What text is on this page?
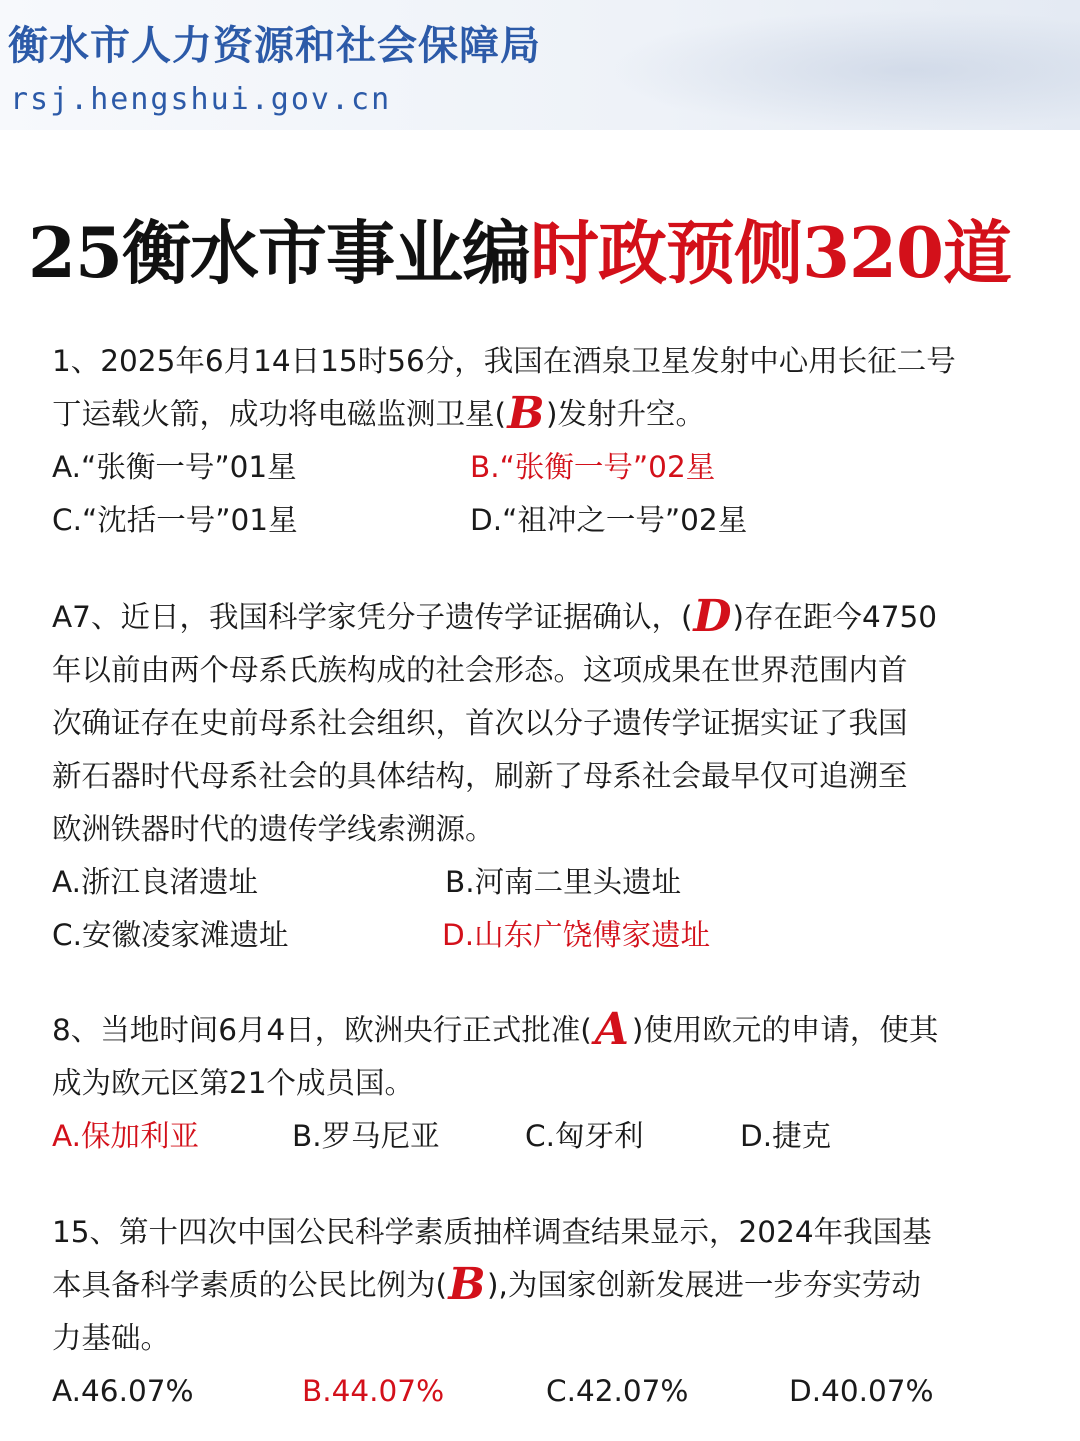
衡水市人力资源和社会保障局
rsj.hengshui.gov.cn
25衡水市事业编时政预侧320道
1、2025年6月14日15时56分，我国在酒泉卫星发射中心用长征二号
丁运载火箭，成功将电磁监测卫星(B)发射升空。
A.“张衡一号”01星	B.“张衡一号”02星
C.“沈括一号”01星	D.“祖冲之一号”02星
A7、近日，我国科学家凭分子遗传学证据确认，(D)存在距今4750
年以前由两个母系氏族构成的社会形态。这项成果在世界范围内首
次确证存在史前母系社会组织，首次以分子遗传学证据实证了我国
新石器时代母系社会的具体结构，刷新了母系社会最早仅可追溯至
欧洲铁器时代的遗传学线索溯源。
A.浙江良渚遗址	B.河南二里头遗址
C.安徽凌家滩遗址	D.山东广饶傅家遗址
8、当地时间6月4日，欧洲央行正式批准(A)使用欧元的申请，使其
成为欧元区第21个成员国。
A.保加利亚	B.罗马尼亚	C.匈牙利	D.捷克
15、第十四次中国公民科学素质抽样调查结果显示，2024年我国基
本具备科学素质的公民比例为(B),为国家创新发展进一步夯实劳动
力基础。
A.46.07%	B.44.07%	C.42.07%	D.40.07%
